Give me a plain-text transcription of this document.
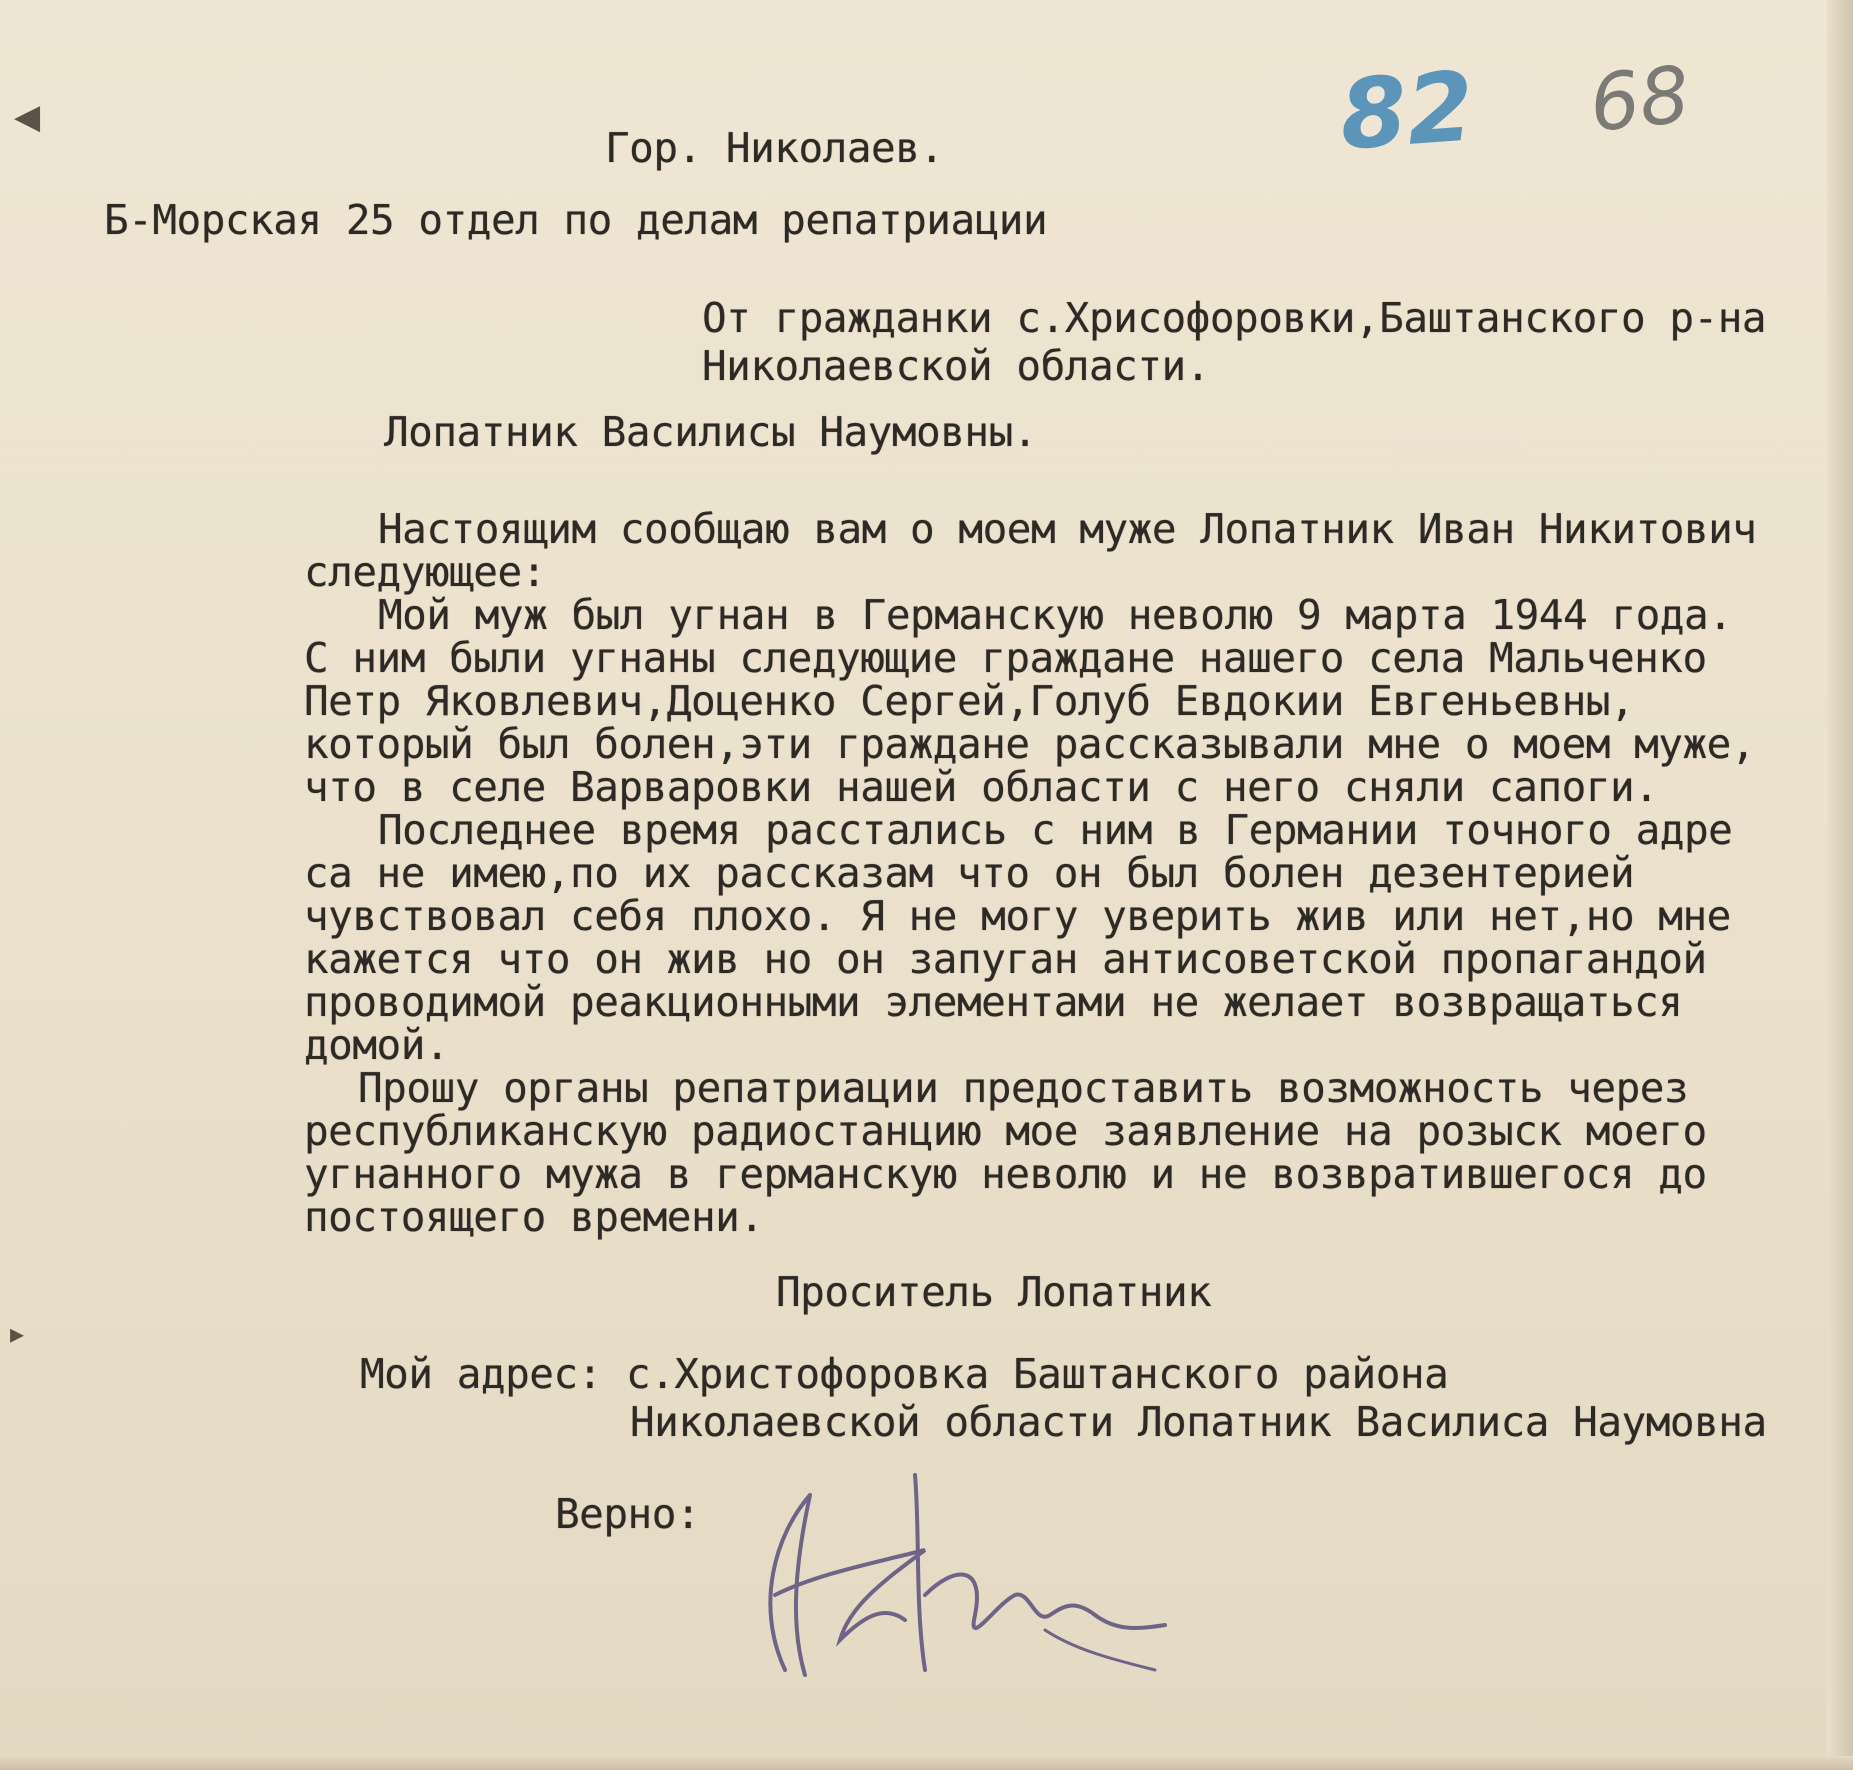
◀
▸
82 68
Гор. Николаев.
Б-Морская 25 отдел по делам репатриации
От гражданки с.Хрисофоровки,Баштанского р-на
Николаевской области.
Лопатник Василисы Наумовны.
Настоящим сообщаю вам о моем муже Лопатник Иван Никитович
следующее:
Мой муж был угнан в Германскую неволю 9 марта 1944 года.
С ним были угнаны следующие граждане нашего села Мальченко
Петр Яковлевич,Доценко Сергей,Голуб Евдокии Евгеньевны,
который был болен,эти граждане рассказывали мне о моем муже,
что в селе Варваровки нашей области с него сняли сапоги.
Последнее время расстались с ним в Германии точного адре
са не имею,по их рассказам что он был болен дезентерией
чувствовал себя плохо. Я не могу уверить жив или нет,но мне
кажется что он жив но он запуган антисоветской пропагандой
проводимой реакционными элементами не желает возвращаться
домой.
Прошу органы репатриации предоставить возможность через
республиканскую радиостанцию мое заявление на розыск моего
угнанного мужа в германскую неволю и не возвратившегося до
постоящего времени.
Проситель Лопатник
Мой адрес: с.Христофоровка Баштанского района
Николаевской области Лопатник Василиса Наумовна
Верно:
